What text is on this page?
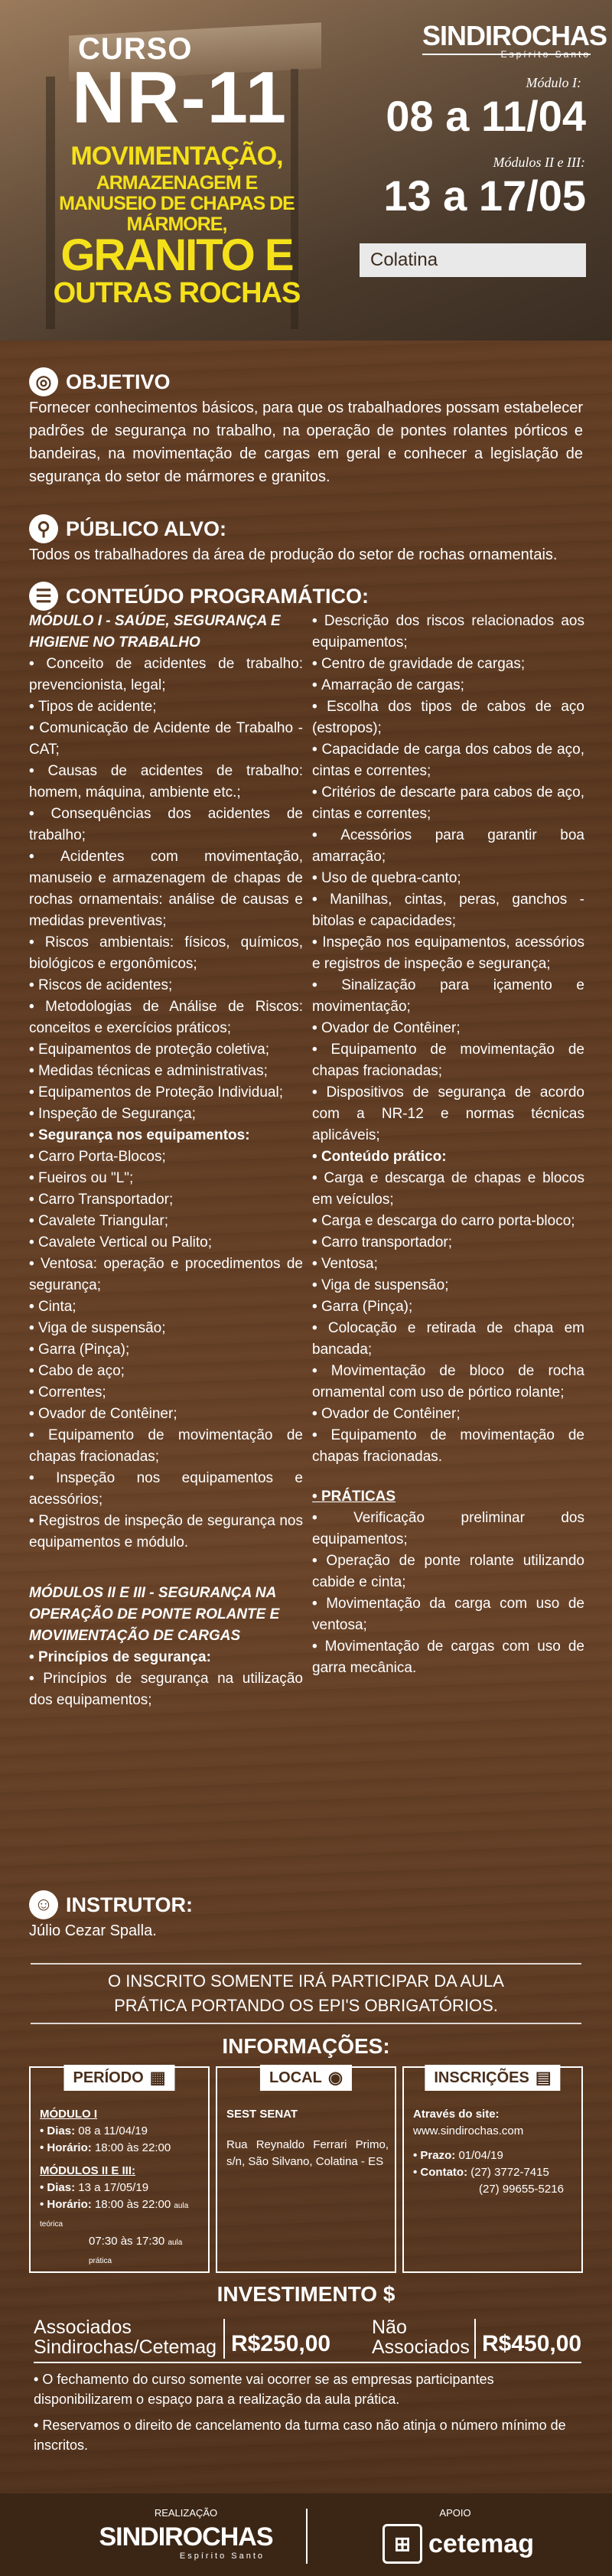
CURSO
NR-11
MOVIMENTAÇÃO,
ARMAZENAGEM E MANUSEIO DE CHAPAS DE MÁRMORE,
GRANITO E
OUTRAS ROCHAS
SINDIROCHAS
Módulo I:
08 a 11/04
Módulos II e III:
13 a 17/05
Colatina
◎ OBJETIVO
Fornecer conhecimentos básicos, para que os trabalhadores possam estabelecer padrões de segurança no trabalho, na operação de pontes rolantes pórticos e bandeiras, na movimentação de cargas em geral e conhecer a legislação de segurança do setor de mármores e granitos.
⚲ PÚBLICO ALVO:
Todos os trabalhadores da área de produção do setor de rochas ornamentais.
☰ CONTEÚDO PROGRAMÁTICO:
MÓDULO I - SAÚDE, SEGURANÇA E HIGIENE NO TRABALHO
• Conceito de acidentes de trabalho: prevencionista, legal;
• Tipos de acidente;
• Comunicação de Acidente de Trabalho - CAT;
• Causas de acidentes de trabalho: homem, máquina, ambiente etc.;
• Consequências dos acidentes de trabalho;
• Acidentes com movimentação, manuseio e armazenagem de chapas de rochas ornamentais: análise de causas e medidas preventivas;
• Riscos ambientais: físicos, químicos, biológicos e ergonômicos;
• Riscos de acidentes;
• Metodologias de Análise de Riscos: conceitos e exercícios práticos;
• Equipamentos de proteção coletiva;
• Medidas técnicas e administrativas;
• Equipamentos de Proteção Individual;
• Inspeção de Segurança;
• Segurança nos equipamentos:
• Carro Porta-Blocos;
• Fueiros ou "L";
• Carro Transportador;
• Cavalete Triangular;
• Cavalete Vertical ou Palito;
• Ventosa: operação e procedimentos de segurança;
• Cinta;
• Viga de suspensão;
• Garra (Pinça);
• Cabo de aço;
• Correntes;
• Ovador de Contêiner;
• Equipamento de movimentação de chapas fracionadas;
• Inspeção nos equipamentos e acessórios;
• Registros de inspeção de segurança nos equipamentos e módulo.
MÓDULOS II E III - SEGURANÇA NA OPERAÇÃO DE PONTE ROLANTE E MOVIMENTAÇÃO DE CARGAS
• Princípios de segurança:
• Princípios de segurança na utilização dos equipamentos;
• Descrição dos riscos relacionados aos equipamentos;
• Centro de gravidade de cargas;
• Amarração de cargas;
• Escolha dos tipos de cabos de aço (estropos);
• Capacidade de carga dos cabos de aço, cintas e correntes;
• Critérios de descarte para cabos de aço, cintas e correntes;
• Acessórios para garantir boa amarração;
• Uso de quebra-canto;
• Manilhas, cintas, peras, ganchos - bitolas e capacidades;
• Inspeção nos equipamentos, acessórios e registros de inspeção e segurança;
• Sinalização para içamento e movimentação;
• Ovador de Contêiner;
• Equipamento de movimentação de chapas fracionadas;
• Dispositivos de segurança de acordo com a NR-12 e normas técnicas aplicáveis;
• Conteúdo prático:
• Carga e descarga de chapas e blocos em veículos;
• Carga e descarga do carro porta-bloco;
• Carro transportador;
• Ventosa;
• Viga de suspensão;
• Garra (Pinça);
• Colocação e retirada de chapa em bancada;
• Movimentação de bloco de rocha ornamental com uso de pórtico rolante;
• Ovador de Contêiner;
• Equipamento de movimentação de chapas fracionadas.
• PRÁTICAS
• Verificação preliminar dos equipamentos;
• Operação de ponte rolante utilizando cabide e cinta;
• Movimentação da carga com uso de ventosa;
• Movimentação de cargas com uso de garra mecânica.
☺ INSTRUTOR:
Júlio Cezar Spalla.
O INSCRITO SOMENTE IRÁ PARTICIPAR DA AULA
PRÁTICA PORTANDO OS EPI'S OBRIGATÓRIOS.
INFORMAÇÕES:
PERÍODO ▦
MÓDULO I
• Dias: 08 a 11/04/19
• Horário: 18:00 às 22:00
MÓDULOS II E III:
• Dias: 13 a 17/05/19
• Horário: 18:00 às 22:00 aula teórica
07:30 às 17:30 aula prática
LOCAL ◉
SEST SENAT
Rua Reynaldo Ferrari Primo, s/n, São Silvano, Colatina - ES
INSCRIÇÕES ▤
Através do site:
www.sindirochas.com
• Prazo: 01/04/19
• Contato: (27) 3772-7415
(27) 99655-5216
INVESTIMENTO $
Associados
Sindirochas/Cetemag R$250,00
Não
Associados R$450,00
• O fechamento do curso somente vai ocorrer se as empresas participantes disponibilizarem o espaço para a realização da aula prática.
• Reservamos o direito de cancelamento da turma caso não atinja o número mínimo de inscritos.
REALIZAÇÃO
SINDIROCHAS
Espírito Santo
APOIO
⊞ cetemag
